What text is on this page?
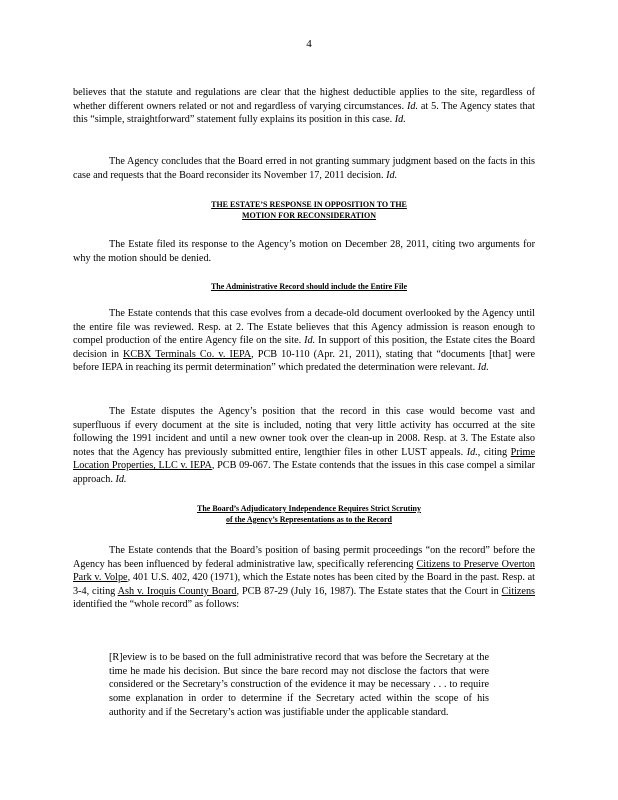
4

believes that the statute and regulations are clear that the highest deductible applies to the site, regardless of whether different owners related or not and regardless of varying circumstances. Id. at 5. The Agency states that this “simple, straightforward” statement fully explains its position in this case. Id.

The Agency concludes that the Board erred in not granting summary judgment based on the facts in this case and requests that the Board reconsider its November 17, 2011 decision. Id.

THE ESTATE’S RESPONSE IN OPPOSITION TO THE
MOTION FOR RECONSIDERATION

The Estate filed its response to the Agency’s motion on December 28, 2011, citing two arguments for why the motion should be denied.

The Administrative Record should include the Entire File

The Estate contends that this case evolves from a decade-old document overlooked by the Agency until the entire file was reviewed. Resp. at 2. The Estate believes that this Agency admission is reason enough to compel production of the entire Agency file on the site. Id. In support of this position, the Estate cites the Board decision in KCBX Terminals Co. v. IEPA, PCB 10-110 (Apr. 21, 2011), stating that “documents [that] were before IEPA in reaching its permit determination” which predated the determination were relevant. Id.

The Estate disputes the Agency’s position that the record in this case would become vast and superfluous if every document at the site is included, noting that very little activity has occurred at the site following the 1991 incident and until a new owner took over the clean-up in 2008. Resp. at 3. The Estate also notes that the Agency has previously submitted entire, lengthier files in other LUST appeals. Id., citing Prime Location Properties, LLC v. IEPA, PCB 09-067. The Estate contends that the issues in this case compel a similar approach. Id.

The Board’s Adjudicatory Independence Requires Strict Scrutiny
of the Agency’s Representations as to the Record

The Estate contends that the Board’s position of basing permit proceedings “on the record” before the Agency has been influenced by federal administrative law, specifically referencing Citizens to Preserve Overton Park v. Volpe, 401 U.S. 402, 420 (1971), which the Estate notes has been cited by the Board in the past. Resp. at 3-4, citing Ash v. Iroquis County Board, PCB 87-29 (July 16, 1987). The Estate states that the Court in Citizens identified the “whole record” as follows:

[R]eview is to be based on the full administrative record that was before the Secretary at the time he made his decision. But since the bare record may not disclose the factors that were considered or the Secretary’s construction of the evidence it may be necessary . . . to require some explanation in order to determine if the Secretary acted within the scope of his authority and if the Secretary’s action was justifiable under the applicable standard.
